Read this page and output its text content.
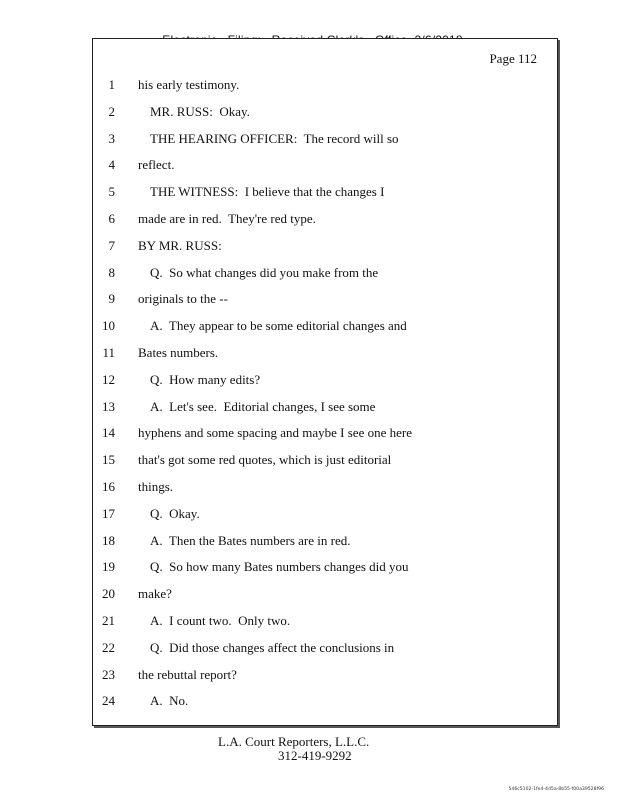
Page 112
1 his early testimony.
2	MR. RUSS:  Okay.
3	THE HEARING OFFICER:  The record will so
4 reflect.
5	THE WITNESS:  I believe that the changes I
6 made are in red.  They're red type.
7 BY MR. RUSS:
8	Q.  So what changes did you make from the
9 originals to the --
10	A.  They appear to be some editorial changes and
11 Bates numbers.
12	Q.  How many edits?
13	A.  Let's see.  Editorial changes, I see some
14 hyphens and some spacing and maybe I see one here
15 that's got some red quotes, which is just editorial
16 things.
17	Q.  Okay.
18	A.  Then the Bates numbers are in red.
19	Q.  So how many Bates numbers changes did you
20 make?
21	A.  I count two.  Only two.
22	Q.  Did those changes affect the conclusions in
23 the rebuttal report?
24	A.  No.
L.A. Court Reporters, L.L.C.
312-419-9292
546c5102-1fe4-4d5a-8b55-f00a39528f96
